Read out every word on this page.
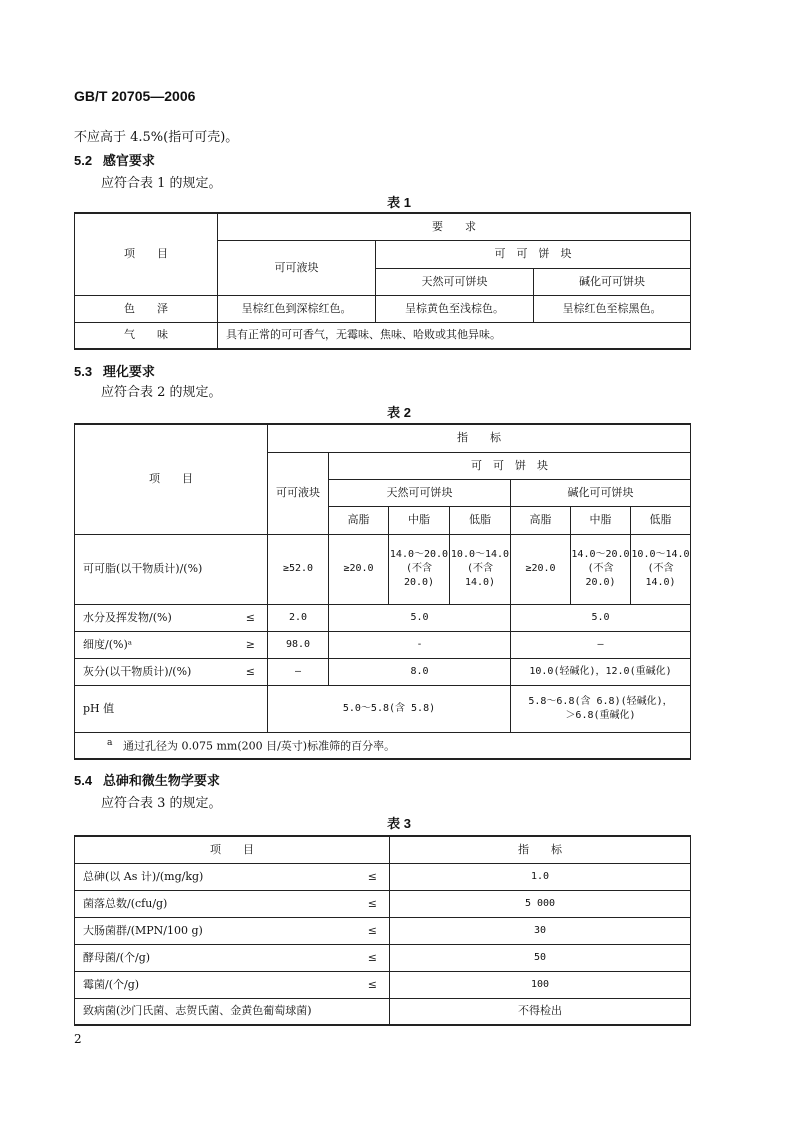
GB/T 20705—2006
不应高于 4.5%(指可可壳)。
5.2 感官要求
应符合表 1 的规定。
表 1
项　　目	要　　求		
	可可液块	可　可　饼　块	
		天然可可饼块	碱化可可饼块
色　　泽	呈棕红色到深棕红色。	呈棕黄色至浅棕色。	呈棕红色至棕黑色。
气　　味	具有正常的可可香气，无霉味、焦味、哈败或其他异味。		
5.3 理化要求
应符合表 2 的规定。
表 2
项　　目	指　　标						
	可可液块	可　可　饼　块					
		天然可可饼块			碱化可可饼块		
		高脂	中脂	低脂	高脂	中脂	低脂
可可脂(以干物质计)/(%)	≥52.0	≥20.0	14.0～20.0
(不含 20.0)	10.0～14.0
(不含 14.0)	≥20.0	14.0～20.0
(不含 20.0)	10.0～14.0
(不含 14.0)
水分及挥发物/(%) ≤	2.0	5.0			5.0		
细度/(%)ᵃ ≥	98.0	-			—		
灰分(以干物质计)/(%) ≤	—	8.0			10.0(轻碱化)，12.0(重碱化)		
pH 值	5.0～5.8(含 5.8)				5.8～6.8(含 6.8)(轻碱化)，
＞6.8(重碱化)		
$^a$ 通过孔径为 0.075 mm(200 目/英寸)标准筛的百分率。							
5.4 总砷和微生物学要求
应符合表 3 的规定。
表 3
项　　目	指　　标
总砷(以 As 计)/(mg/kg) ≤	1.0
菌落总数/(cfu/g) ≤	5 000
大肠菌群/(MPN/100 g) ≤	30
酵母菌/(个/g) ≤	50
霉菌/(个/g) ≤	100
致病菌(沙门氏菌、志贺氏菌、金黄色葡萄球菌)	不得检出
2
